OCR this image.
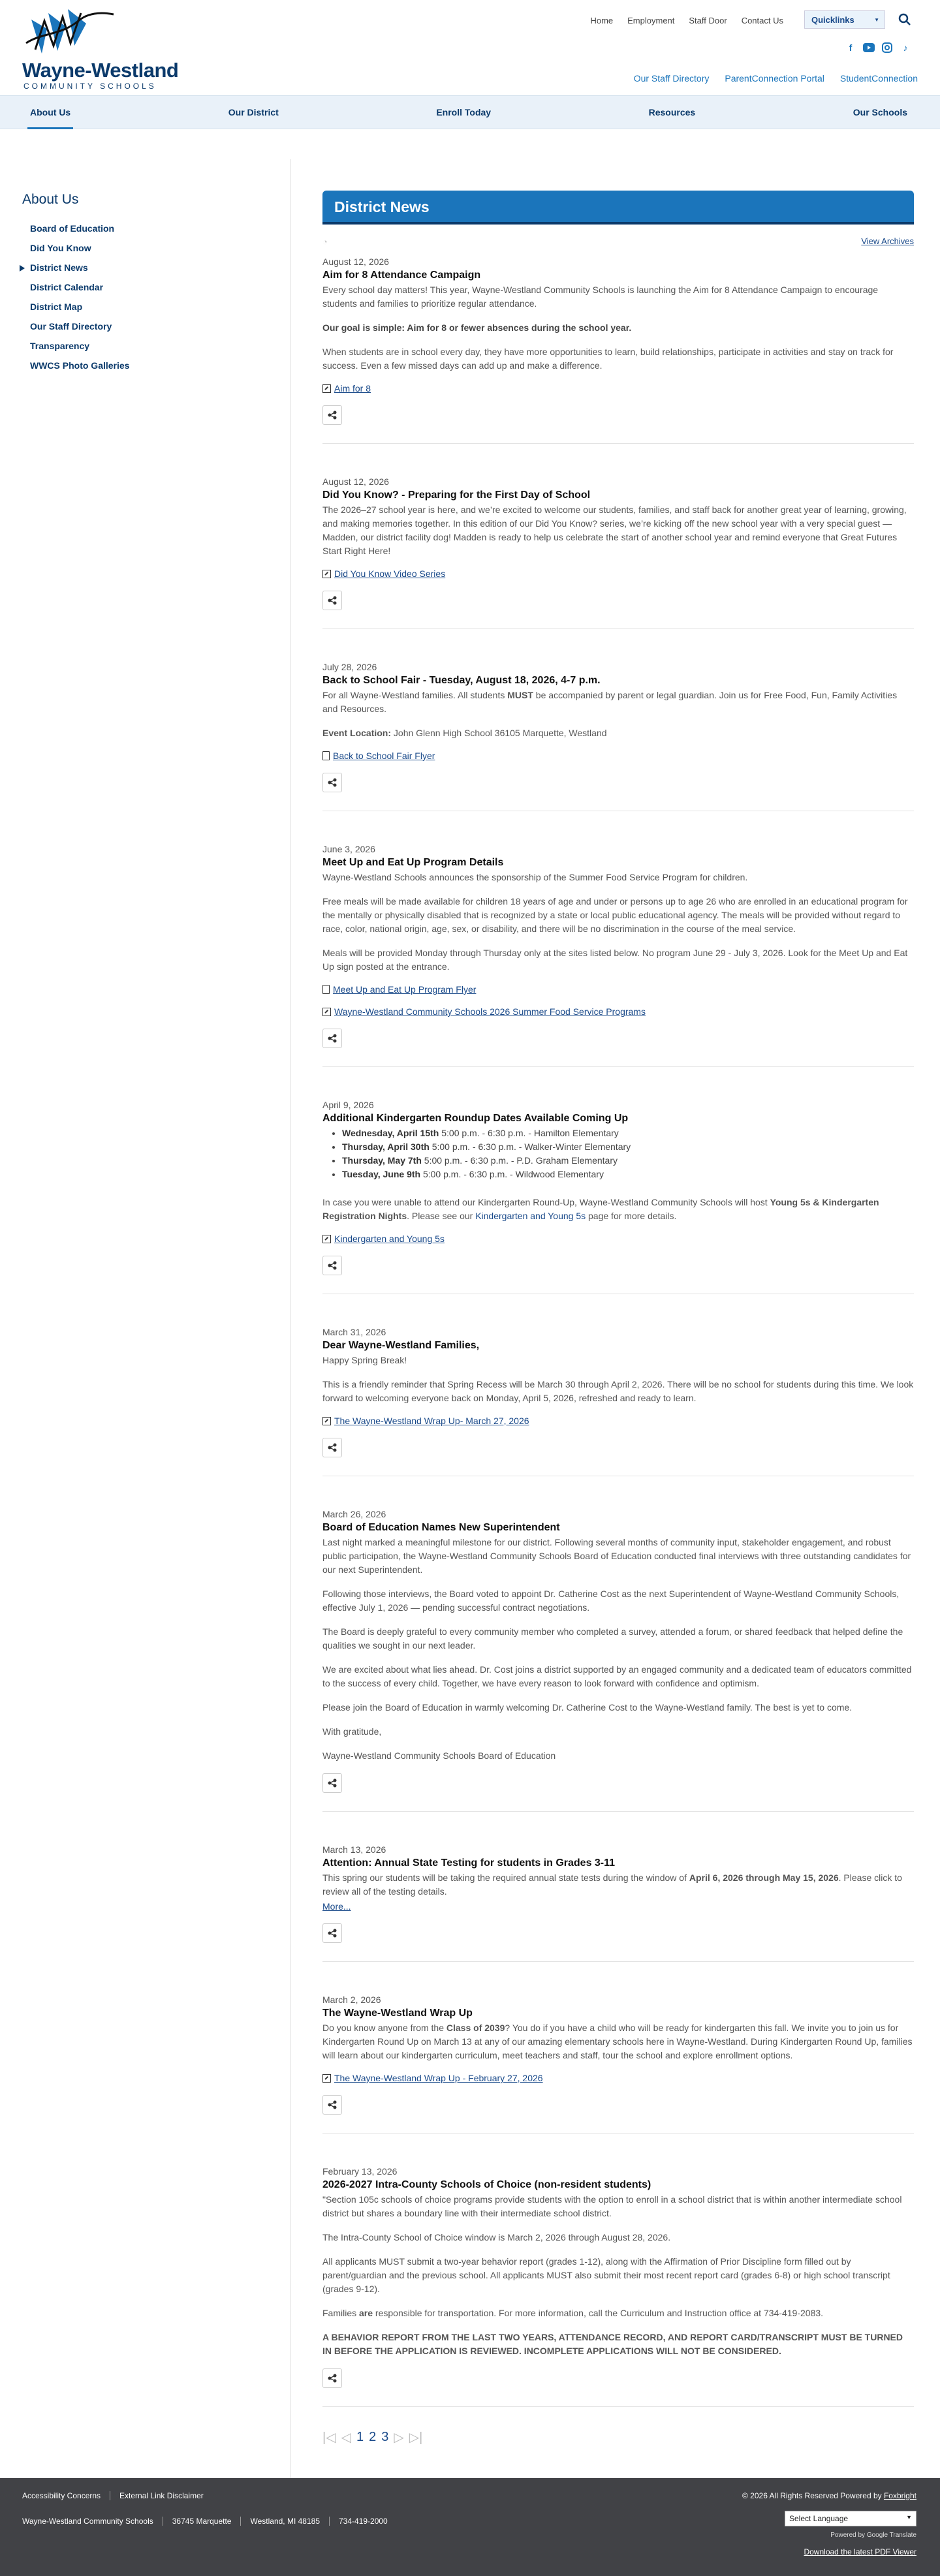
Wayne-Westland
COMMUNITY SCHOOLS
Home Employment Staff Door Contact Us	Quicklinks	▼
f	♪
Our Staff Directory ParentConnection Portal StudentConnection
About Us	Our District	Enroll Today	Resources	Our Schools
About Us
Board of Education
Did You Know
District News
District Calendar
District Map
Our Staff Directory
Transparency
WWCS Photo Galleries
District News
◔	View Archives
August 12, 2026
Aim for 8 Attendance Campaign

Every school day matters! This year, Wayne-Westland Community Schools is launching the Aim for 8 Attendance Campaign to encourage students and families to prioritize regular attendance.

Our goal is simple: Aim for 8 or fewer absences during the school year.

When students are in school every day, they have more opportunities to learn, build relationships, participate in activities and stay on track for success. Even a few missed days can add up and make a difference.

Aim for 8
August 12, 2026
Did You Know? - Preparing for the First Day of School

The 2026–27 school year is here, and we’re excited to welcome our students, families, and staff back for another great year of learning, growing, and making memories together. In this edition of our Did You Know? series, we’re kicking off the new school year with a very special guest — Madden, our district facility dog! Madden is ready to help us celebrate the start of another school year and remind everyone that Great Futures Start Right Here!

Did You Know Video Series
July 28, 2026
Back to School Fair - Tuesday, August 18, 2026, 4-7 p.m.

For all Wayne-Westland families. All students MUST be accompanied by parent or legal guardian. Join us for Free Food, Fun, Family Activities and Resources.

Event Location: John Glenn High School 36105 Marquette, Westland

Back to School Fair Flyer
June 3, 2026
Meet Up and Eat Up Program Details

Wayne-Westland Schools announces the sponsorship of the Summer Food Service Program for children.

Free meals will be made available for children 18 years of age and under or persons up to age 26 who are enrolled in an educational program for the mentally or physically disabled that is recognized by a state or local public educational agency. The meals will be provided without regard to race, color, national origin, age, sex, or disability, and there will be no discrimination in the course of the meal service.

Meals will be provided Monday through Thursday only at the sites listed below. No program June 29 - July 3, 2026. Look for the Meet Up and Eat Up sign posted at the entrance.

Meet Up and Eat Up Program Flyer
Wayne-Westland Community Schools 2026 Summer Food Service Programs
April 9, 2026
Additional Kindergarten Roundup Dates Available Coming Up
• Wednesday, April 15th 5:00 p.m. - 6:30 p.m. - Hamilton Elementary
• Thursday, April 30th 5:00 p.m. - 6:30 p.m. - Walker-Winter Elementary
• Thursday, May 7th 5:00 p.m. - 6:30 p.m. - P.D. Graham Elementary
• Tuesday, June 9th 5:00 p.m. - 6:30 p.m. - Wildwood Elementary

In case you were unable to attend our Kindergarten Round-Up, Wayne-Westland Community Schools will host Young 5s & Kindergarten Registration Nights. Please see our Kindergarten and Young 5s page for more details.

Kindergarten and Young 5s
March 31, 2026
Dear Wayne-Westland Families,

Happy Spring Break!

This is a friendly reminder that Spring Recess will be March 30 through April 2, 2026. There will be no school for students during this time. We look forward to welcoming everyone back on Monday, April 5, 2026, refreshed and ready to learn.

The Wayne-Westland Wrap Up- March 27, 2026
March 26, 2026
Board of Education Names New Superintendent

Last night marked a meaningful milestone for our district. Following several months of community input, stakeholder engagement, and robust public participation, the Wayne-Westland Community Schools Board of Education conducted final interviews with three outstanding candidates for our next Superintendent.

Following those interviews, the Board voted to appoint Dr. Catherine Cost as the next Superintendent of Wayne-Westland Community Schools, effective July 1, 2026 — pending successful contract negotiations.

The Board is deeply grateful to every community member who completed a survey, attended a forum, or shared feedback that helped define the qualities we sought in our next leader.

We are excited about what lies ahead. Dr. Cost joins a district supported by an engaged community and a dedicated team of educators committed to the success of every child. Together, we have every reason to look forward with confidence and optimism.

Please join the Board of Education in warmly welcoming Dr. Catherine Cost to the Wayne-Westland family. The best is yet to come.

With gratitude,

Wayne-Westland Community Schools Board of Education

March 13, 2026
Attention: Annual State Testing for students in Grades 3-11

This spring our students will be taking the required annual state tests during the window of April 6, 2026 through May 15, 2026. Please click to review all of the testing details.

More...
March 2, 2026
The Wayne-Westland Wrap Up

Do you know anyone from the Class of 2039? You do if you have a child who will be ready for kindergarten this fall. We invite you to join us for Kindergarten Round Up on March 13 at any of our amazing elementary schools here in Wayne-Westland. During Kindergarten Round Up, families will learn about our kindergarten curriculum, meet teachers and staff, tour the school and explore enrollment options.

The Wayne-Westland Wrap Up - February 27, 2026
February 13, 2026
2026-2027 Intra-County Schools of Choice (non-resident students)

"Section 105c schools of choice programs provide students with the option to enroll in a school district that is within another intermediate school district but shares a boundary line with their intermediate school district.

The Intra-County School of Choice window is March 2, 2026 through August 28, 2026.

All applicants MUST submit a two-year behavior report (grades 1-12), along with the Affirmation of Prior Discipline form filled out by parent/guardian and the previous school. All applicants MUST also submit their most recent report card (grades 6-8) or high school transcript (grades 9-12).

Families are responsible for transportation. For more information, call the Curriculum and Instruction office at 734-419-2083.

A BEHAVIOR REPORT FROM THE LAST TWO YEARS, ATTENDANCE RECORD, AND REPORT CARD/TRANSCRIPT MUST BE TURNED IN BEFORE THE APPLICATION IS REVIEWED. INCOMPLETE APPLICATIONS WILL NOT BE CONSIDERED.

|◁ ◁ 1 2 3 ▷ ▷|
Accessibility Concerns	External Link Disclaimer
Wayne-Westland Community Schools	36745 Marquette	Westland, MI 48185	734-419-2000
© 2026 All Rights Reserved Powered by Foxbright
Select Language	▼
Powered by Google Translate
Download the latest PDF Viewer
